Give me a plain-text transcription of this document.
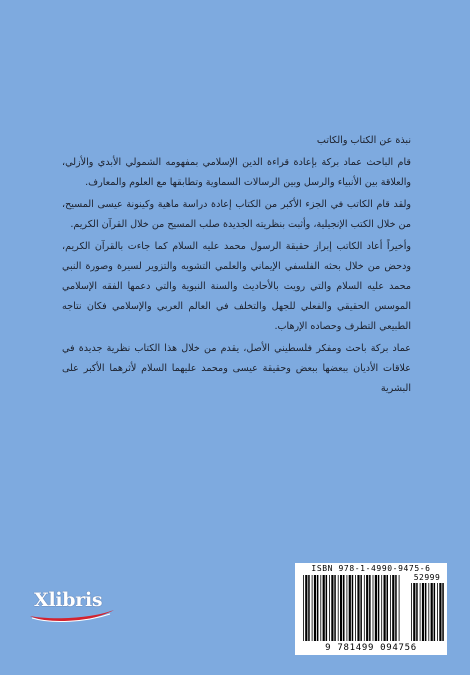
نبذة عن الكتاب والكاتب

قام الباحث عماد بركة بإعادة قراءة الدين الإسلامي بمفهومه الشمولي الأبدي والأزلي، والعلاقة بين الأنبياء والرسل وبين الرسالات السماوية وتطابقها مع العلوم والمعارف.

ولقد قام الكاتب في الجزء الأكبر من الكتاب إعادة دراسة ماهية وكينونة عيسى المسيح، من خلال الكتب الإنجيلية، وأثبت بنظريته الجديدة صلب المسيح من خلال القرآن الكريم.

وأخيراً أعاد الكاتب إبراز حقيقة الرسول محمد عليه السلام كما جاءت بالقرآن الكريم، ودحض من خلال بحثه الفلسفي الإيماني والعلمي التشويه والتزوير لسيرة وصورة النبي محمد عليه السلام والتي رويت بالأحاديث والسنة النبوية والتي دعمها الفقه الإسلامي الموسس الحقيقي والفعلي للجهل والتخلف في العالم العربي والإسلامي فكان نتاجه الطبيعي التطرف وحصاده الإرهاب.

عماد بركة باحث ومفكر فلسطيني الأصل، يقدم من خلال هذا الكتاب نظرية جديدة في علاقات الأديان ببعضها ببعض وحقيقة عيسى ومحمد عليهما السلام لأثرهما الأكبر على البشرية

Xlibris
ISBN 978-1-4990-9475-6
52999
9 781499 094756
